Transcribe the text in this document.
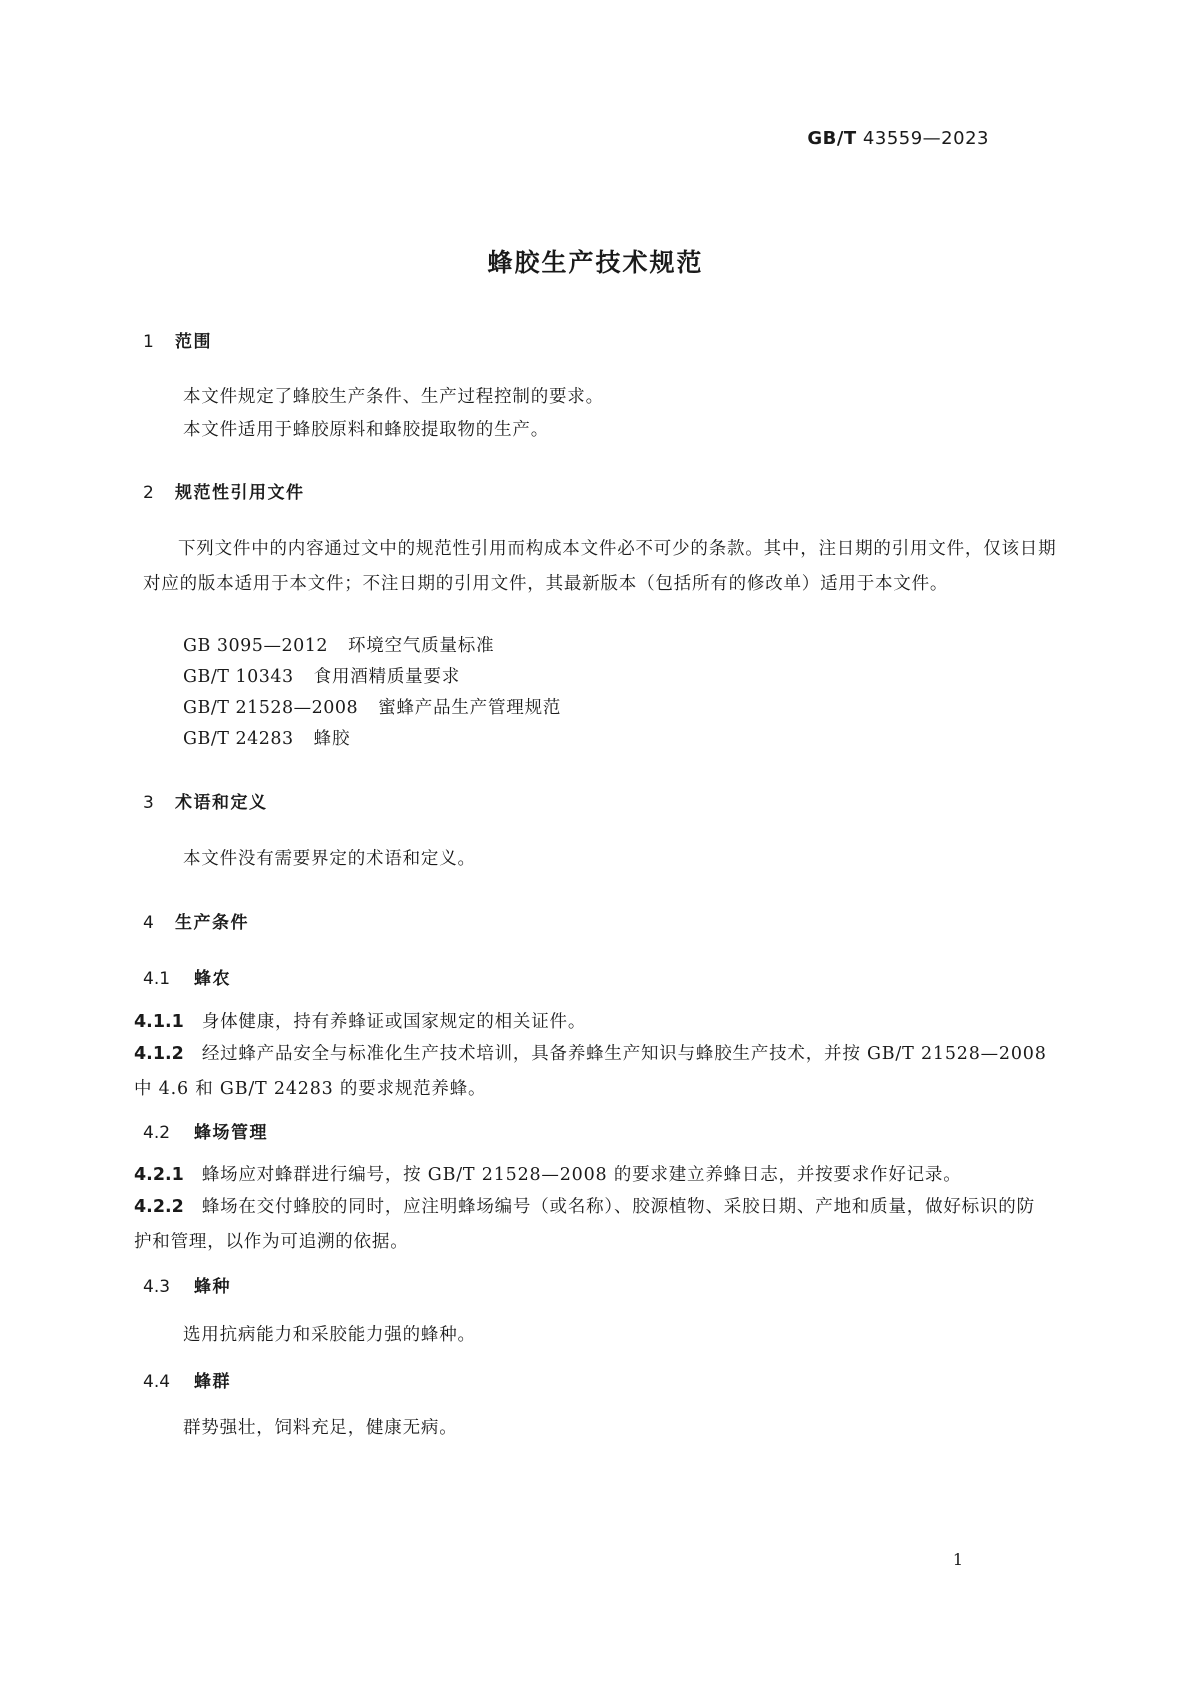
GB/T 43559—2023
蜂胶生产技术规范
1 范围
本文件规定了蜂胶生产条件、生产过程控制的要求。
本文件适用于蜂胶原料和蜂胶提取物的生产。
2 规范性引用文件
下列文件中的内容通过文中的规范性引用而构成本文件必不可少的条款。其中，注日期的引用文件，仅该日期对应的版本适用于本文件；不注日期的引用文件，其最新版本（包括所有的修改单）适用于本文件。
GB 3095—2012 环境空气质量标准
GB/T 10343 食用酒精质量要求
GB/T 21528—2008 蜜蜂产品生产管理规范
GB/T 24283 蜂胶
3 术语和定义
本文件没有需要界定的术语和定义。
4 生产条件
4.1 蜂农
4.1.1 身体健康，持有养蜂证或国家规定的相关证件。
4.1.2 经过蜂产品安全与标准化生产技术培训，具备养蜂生产知识与蜂胶生产技术，并按 GB/T 21528—2008 中 4.6 和 GB/T 24283 的要求规范养蜂。
4.2 蜂场管理
4.2.1 蜂场应对蜂群进行编号，按 GB/T 21528—2008 的要求建立养蜂日志，并按要求作好记录。
4.2.2 蜂场在交付蜂胶的同时，应注明蜂场编号（或名称）、胶源植物、采胶日期、产地和质量，做好标识的防护和管理，以作为可追溯的依据。
4.3 蜂种
选用抗病能力和采胶能力强的蜂种。
4.4 蜂群
群势强壮，饲料充足，健康无病。
1
